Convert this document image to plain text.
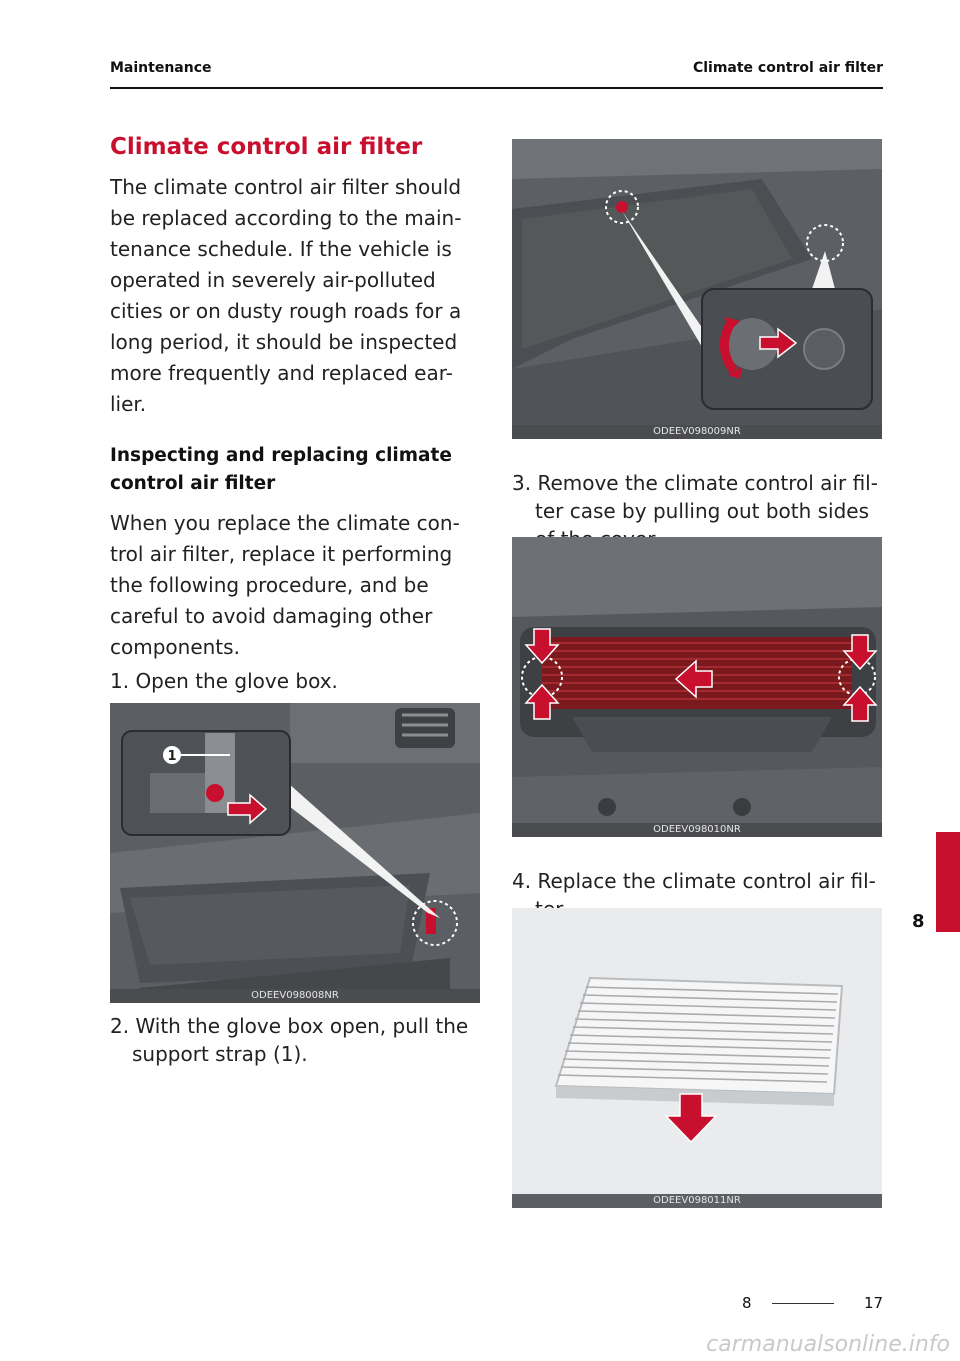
Maintenance	Climate control air filter
Climate control air filter

The climate control air filter should be replaced according to the main-tenance schedule. If the vehicle is operated in severely air-polluted cities or on dusty rough roads for a long period, it should be inspected more frequently and replaced ear-lier.

Inspecting and replacing climate control air filter

When you replace the climate con-trol air filter, replace it performing the following procedure, and be careful to avoid damaging other components.

1. Open the glove box.

1
ODEEV098008NR

2. With the glove box open, pull the support strap (1).

ODEEV098009NR

3. Remove the climate control air fil-ter case by pulling out both sides

ODEEV098010NR

4. Replace the climate control air fil-

ODEEV098011NR
8
8	17
carmanualsonline.info
